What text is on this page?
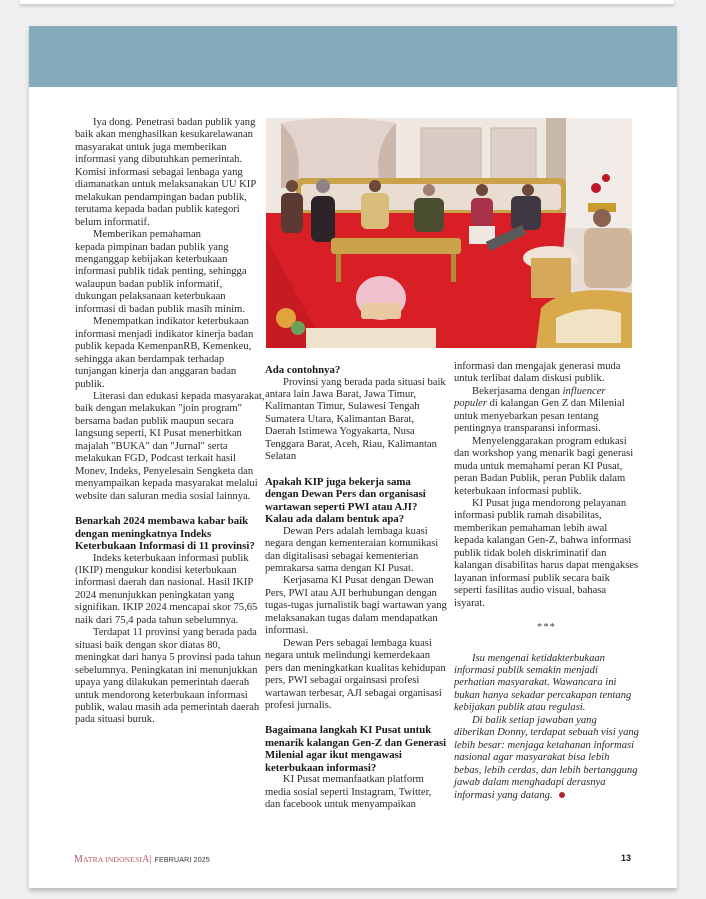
Iya dong. Penetrasi badan publik yang baik akan menghasilkan kesukarelawanan masyarakat untuk juga memberikan informasi yang dibutuhkan pemerintah. Komisi informasi sebagai lenbaga yang diamanatkan untuk melaksanakan UU KIP melakukan pendampingan badan publik, terutama kepada badan publik kategori belum informatif.

Memberikan pemahaman

kepada pimpinan badan publik yang menganggap kebijakan keterbukaan informasi publik tidak penting, sehingga walaupun badan publik informatif, dukungan pelaksanaan keterbukaan informasi di badan publik masih minim.

Menempatkan indikator keterbukaan informasi menjadi indikator kinerja badan publik kepada KemenpanRB, Kemenkeu, sehingga akan berdampak terhadap tunjangan kinerja dan anggaran badan publik.

Literasi dan edukasi kepada masyarakat, baik dengan melakukan "join program" bersama badan publik maupun secara langsung seperti, KI Pusat menerbitkan majalah "BUKA" dan "Jurnal" serta melakukan FGD, Podcast terkait hasil Monev, Indeks, Penyelesain Sengketa dan menyampaikan kepada masyarakat melalui website dan saluran media sosial lainnya.

Benarkah 2024 membawa kabar baik dengan meningkatnya Indeks Keterbukaan Informasi di 11 provinsi?

Indeks keterbukaan informasi publik (IKIP) mengukur kondisi keterbukaan informasi daerah dan nasional. Hasil IKIP 2024 menunjukkan peningkatan yang signifikan. IKIP 2024 mencapai skor 75,65 naik dari 75,4 pada tahun sebelumnya.

Terdapat 11 provinsi yang berada pada situasi baik dengan skor diatas 80, meningkat dari hanya 5 provinsi pada tahun sebelumnya. Peningkatan ini menunjukkan upaya yang dilakukan pemerintah daerah untuk mendorong keterbukaan informasi publik, walau masih ada pemerintah daerah pada situasi buruk.

Ada contohnya?

Provinsi yang berada pada situasi baik antara lain Jawa Barat, Jawa Timur, Kalimantan Timur, Sulawesi Tengah Sumatera Utara, Kalimantan Barat, Daerah Istimewa Yogyakarta, Nusa Tenggara Barat, Aceh, Riau, Kalimantan Selatan

Apakah KIP juga bekerja sama dengan Dewan Pers dan organisasi wartawan seperti PWI atau AJI? Kalau ada dalam bentuk apa?

Dewan Pers adalah lembaga kuasi negara dengan kementeraian komunikasi dan digitalisasi sebagai kementerian pemrakarsa sama dengan KI Pusat.

Kerjasama KI Pusat dengan Dewan Pers, PWI atau AJI berhubungan dengan tugas-tugas jurnalistik bagi wartawan yang melaksanakan tugas dalam mendapatkan informasi.

Dewan Pers sebagai lembaga kuasi negara untuk melindungi kemerdekaan pers dan meningkatkan kualitas kehidupan pers, PWI sebagai orgainsasi profesi wartawan terbesar, AJI sebagai organisasi profesi jurnalis.

Bagaimana langkah KI Pusat untuk menarik kalangan Gen-Z dan Generasi Milenial agar ikut mengawasi keterbukaan informasi?

KI Pusat memanfaatkan platform media sosial seperti Instagram, Twitter, dan facebook untuk menyampaikan

informasi dan mengajak generasi muda untuk terlibat dalam diskusi publik.

Bekerjasama dengan influencer populer di kalangan Gen Z dan Milenial untuk menyebarkan pesan tentang pentingnya transparansi informasi.

Menyelenggarakan program edukasi dan workshop yang menarik bagi generasi muda untuk memahami peran KI Pusat, peran Badan Publik, peran Publik dalam keterbukaan informasi publik.

KI Pusat juga mendorong pelayanan informasi publik ramah disabilitas, memberikan pemahaman lebih awal kepada kalangan Gen-Z, bahwa informasi publik tidak boleh diskriminatif dan kalangan disabilitas harus dapat mengakses layanan informasi publik secara baik seperti fasilitas audio visual, bahasa isyarat.

***

Isu mengenai ketidakterbukaan informasi publik semakin menjadi perhatian masyarakat. Wawancara ini bukan hanya sekadar percakapan tentang kebijakan publik atau regulasi.

Di balik setiap jawaban yang diberikan Donny, terdapat sebuah visi yang lebih besar: menjaga ketahanan informasi nasional agar masyarakat bisa lebih bebas, lebih cerdas, dan lebih bertanggung jawab dalam menghadapi derasnya informasi yang datang.

MATRA INDONESIA| FEBRUARI 2025	13
